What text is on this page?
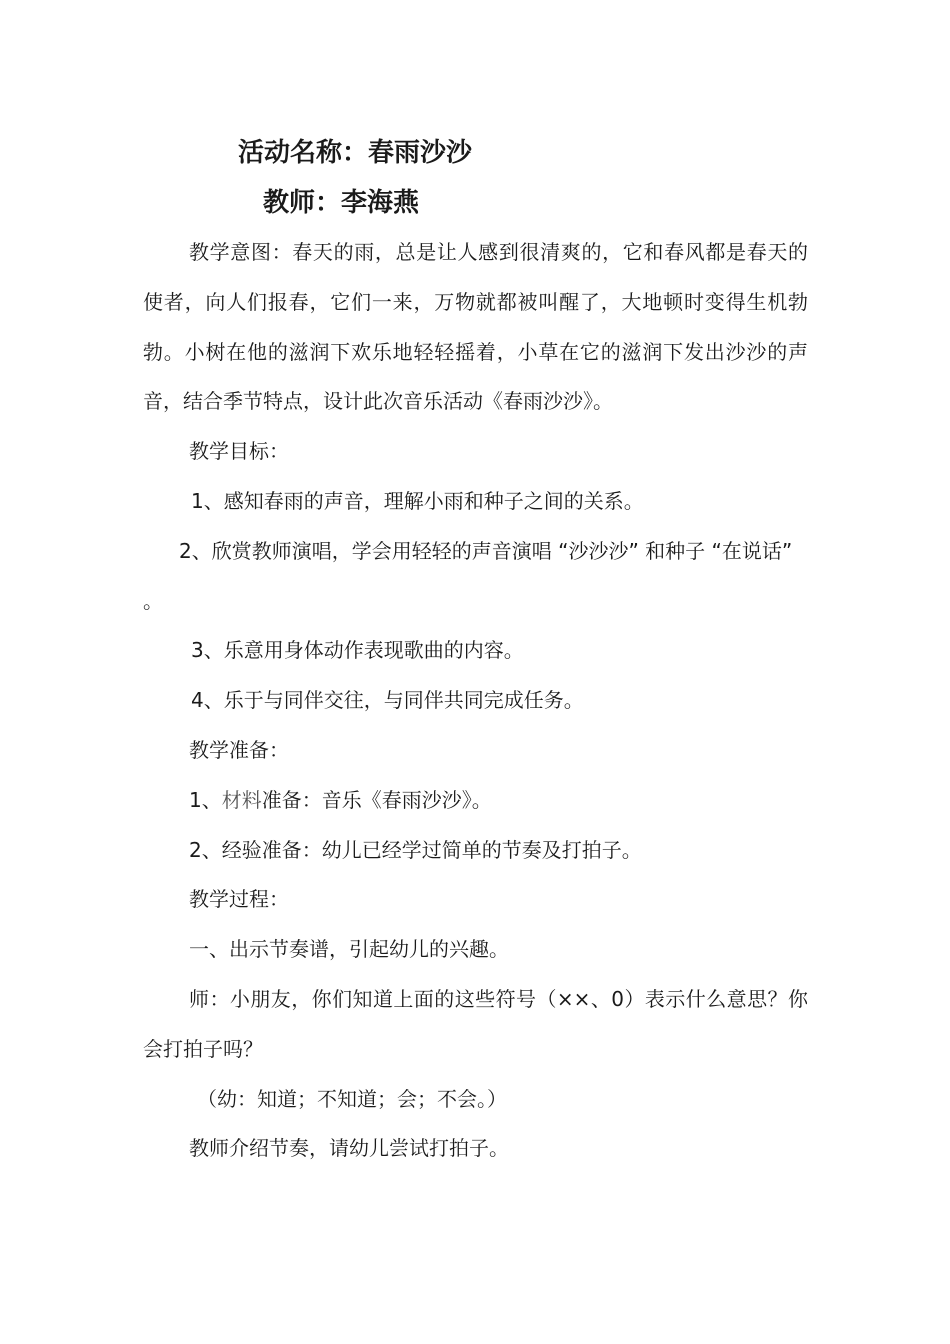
活动名称：春雨沙沙
教师：李海燕

教学意图：春天的雨，总是让人感到很清爽的，它和春风都是春天的使者，向人们报春，它们一来，万物就都被叫醒了，大地顿时变得生机勃勃。小树在他的滋润下欢乐地轻轻摇着，小草在它的滋润下发出沙沙的声音，结合季节特点，设计此次音乐活动《春雨沙沙》。

教学目标：

1、感知春雨的声音，理解小雨和种子之间的关系。

2、欣赏教师演唱，学会用轻轻的声音演唱 “沙沙沙” 和种子 “在说话” 。

3、乐意用身体动作表现歌曲的内容。

4、乐于与同伴交往，与同伴共同完成任务。

教学准备：

1、材料准备：音乐《春雨沙沙》。

2、经验准备：幼儿已经学过简单的节奏及打拍子。

教学过程：

一、出示节奏谱，引起幼儿的兴趣。

师：小朋友，你们知道上面的这些符号（××、0）表示什么意思？你会打拍子吗？

（幼：知道；不知道；会；不会。）

教师介绍节奏，请幼儿尝试打拍子。
